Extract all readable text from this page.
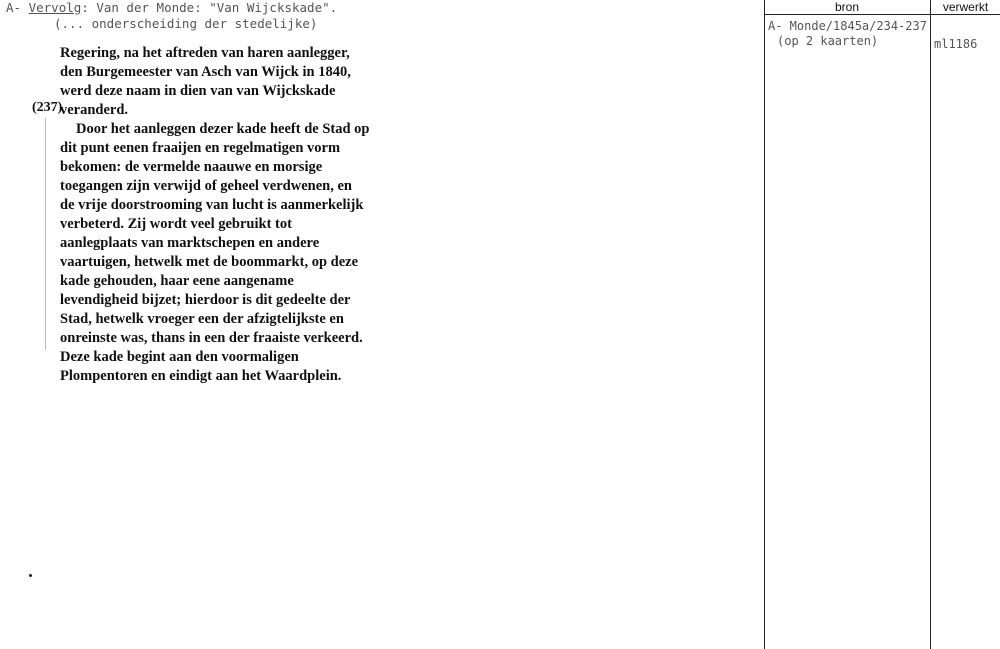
A- Vervolg: Van der Monde: "Van Wijckskade".
(... onderscheiding der stedelijke)

Regering, na het aftreden van haren aanlegger, den Burgemeester van Asch van Wijck in 1840, werd deze naam in dien van van Wijckskade veranderd.

Door het aanleggen dezer kade heeft de Stad op dit punt eenen fraaijen en regelmatigen vorm bekomen: de vermelde naauwe en morsige toegangen zijn verwijd of geheel verdwenen, en de vrije doorstrooming van lucht is aanmerkelijk verbeterd. Zij wordt veel gebruikt tot aanlegplaats van marktschepen en andere vaartuigen, hetwelk met de boommarkt, op deze kade gehouden, haar eene aangename levendigheid bijzet; hierdoor is dit gedeelte der Stad, hetwelk vroeger een der afzigtelijkste en onreinste was, thans in een der fraaiste verkeerd. Deze kade begint aan den voormaligen Plompentoren en eindigt aan het Waardplein.

(237)
bron	verwerkt
A- Monde/1845a/234-237
(op 2 kaarten)	ml1186
